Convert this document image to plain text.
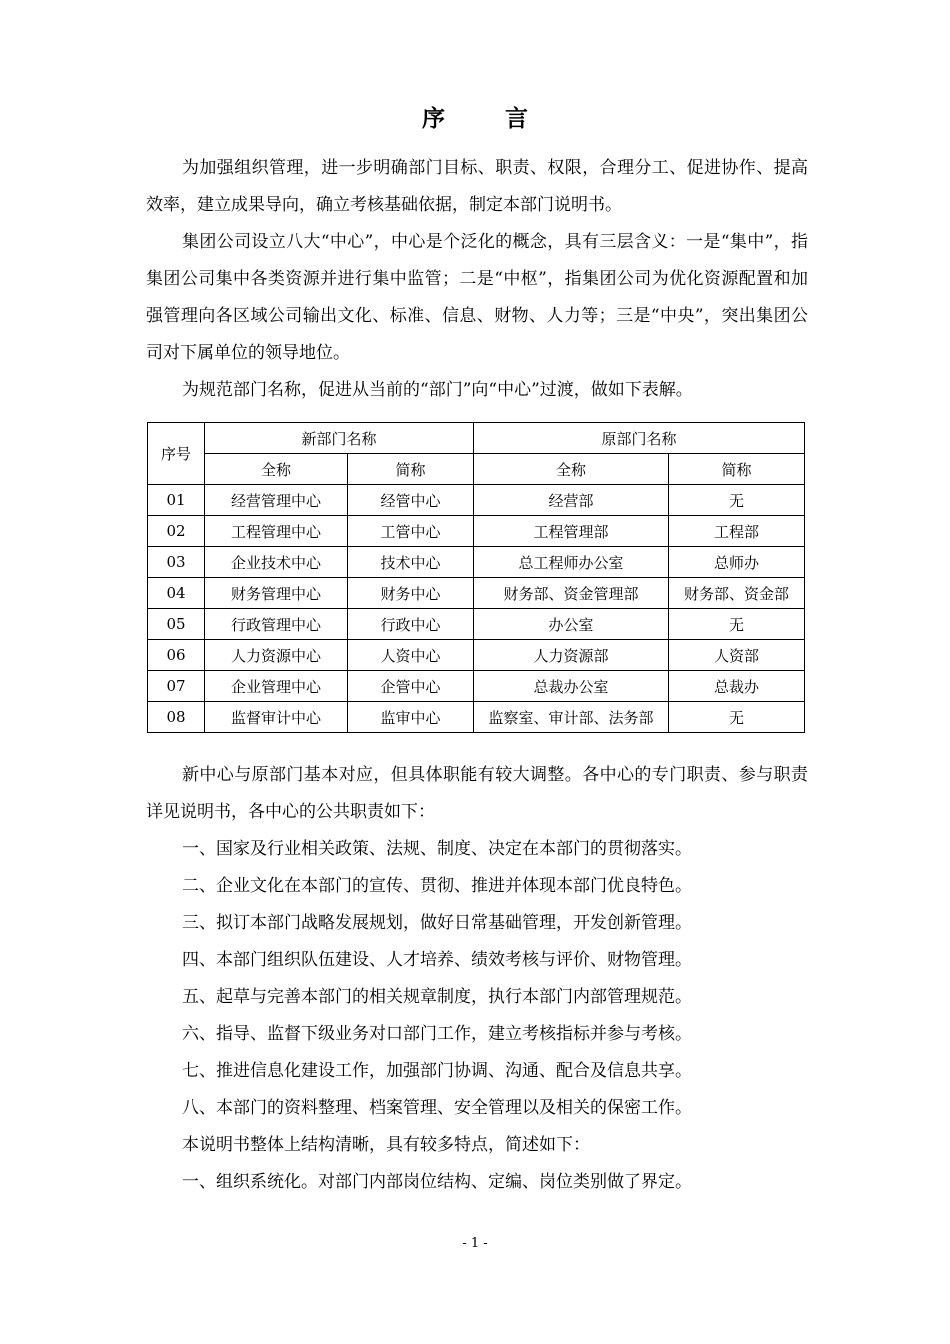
序 言

为加强组织管理，进一步明确部门目标、职责、权限，合理分工、促进协作、提高效率，建立成果导向，确立考核基础依据，制定本部门说明书。

集团公司设立八大“中心”，中心是个泛化的概念，具有三层含义：一是“集中”，指集团公司集中各类资源并进行集中监管；二是“中枢”，指集团公司为优化资源配置和加强管理向各区域公司输出文化、标准、信息、财物、人力等；三是“中央”，突出集团公司对下属单位的领导地位。

为规范部门名称，促进从当前的“部门”向“中心”过渡，做如下表解。

序号	新部门名称		原部门名称	
	全称	简称	全称	简称
01	经营管理中心	经管中心	经营部	无
02	工程管理中心	工管中心	工程管理部	工程部
03	企业技术中心	技术中心	总工程师办公室	总师办
04	财务管理中心	财务中心	财务部、资金管理部	财务部、资金部
05	行政管理中心	行政中心	办公室	无
06	人力资源中心	人资中心	人力资源部	人资部
07	企业管理中心	企管中心	总裁办公室	总裁办
08	监督审计中心	监审中心	监察室、审计部、法务部	无

新中心与原部门基本对应，但具体职能有较大调整。各中心的专门职责、参与职责详见说明书，各中心的公共职责如下：

一、国家及行业相关政策、法规、制度、决定在本部门的贯彻落实。

二、企业文化在本部门的宣传、贯彻、推进并体现本部门优良特色。

三、拟订本部门战略发展规划，做好日常基础管理，开发创新管理。

四、本部门组织队伍建设、人才培养、绩效考核与评价、财物管理。

五、起草与完善本部门的相关规章制度，执行本部门内部管理规范。

六、指导、监督下级业务对口部门工作，建立考核指标并参与考核。

七、推进信息化建设工作，加强部门协调、沟通、配合及信息共享。

八、本部门的资料整理、档案管理、安全管理以及相关的保密工作。

本说明书整体上结构清晰，具有较多特点，简述如下：

一、组织系统化。对部门内部岗位结构、定编、岗位类别做了界定。

- 1 -
